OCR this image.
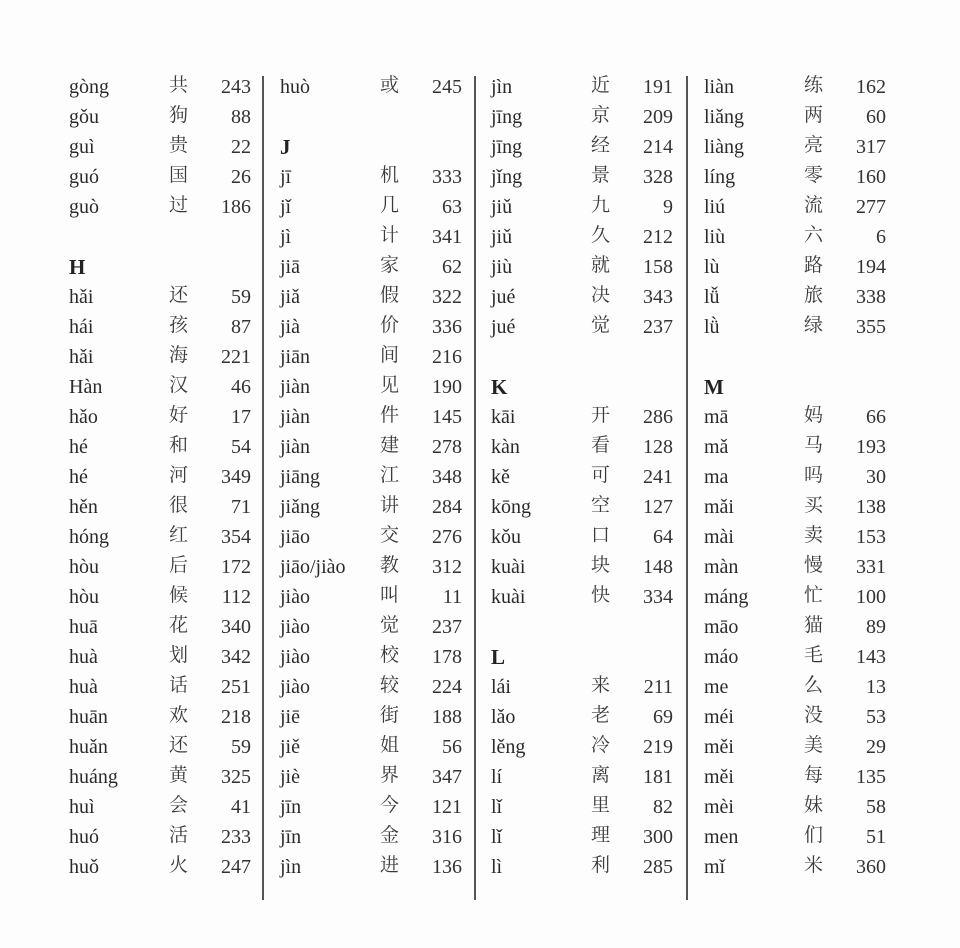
gòng	共 243
gǒu	狗 88
guì	贵 22
guó	国 26
guò	过 186
H
hǎi	还 59
hái	孩 87
hǎi	海 221
Hàn	汉 46
hǎo	好 17
hé	和 54
hé	河 349
hěn	很 71
hóng	红 354
hòu	后 172
hòu	候 112
huā	花 340
huà	划 342
huà	话 251
huān	欢 218
huǎn	还 59
huáng	黄 325
huì	会 41
huó	活 233
huǒ	火 247
huò	或 245
J
jī	机 333
jǐ	几 63
jì	计 341
jiā	家 62
jiǎ	假 322
jià	价 336
jiān	间 216
jiàn	见 190
jiàn	件 145
jiàn	建 278
jiāng	江 348
jiǎng	讲 284
jiāo	交 276
jiāo/jiào 教 312
jiào	叫 11
jiào	觉 237
jiào	校 178
jiào	较 224
jiē	街 188
jiě	姐 56
jiè	界 347
jīn	今 121
jīn	金 316
jìn	进 136
jìn	近 191
jīng	京 209
jīng	经 214
jǐng	景 328
jiǔ	九	9
jiǔ	久 212
jiù	就 158
jué	决 343
jué	觉 237
K
kāi	开 286
kàn	看 128
kě	可 241
kōng	空 127
kǒu	口 64
kuài	块 148
kuài	快 334
L
lái	来 211
lǎo	老 69
lěng	冷 219
lí	离 181
lǐ	里 82
lǐ	理 300
lì	利 285
liàn	练 162
liǎng	两 60
liàng	亮 317
líng	零 160
liú	流 277
liù	六	6
lù	路 194
lǚ	旅 338
lǜ	绿 355
M
mā	妈 66
mǎ	马 193
ma	吗 30
mǎi	买 138
mài	卖 153
màn	慢 331
máng	忙 100
māo	猫 89
máo	毛 143
me	么 13
méi	没 53
měi	美 29
měi	每 135
mèi	妹 58
men	们 51
mǐ	米 360
